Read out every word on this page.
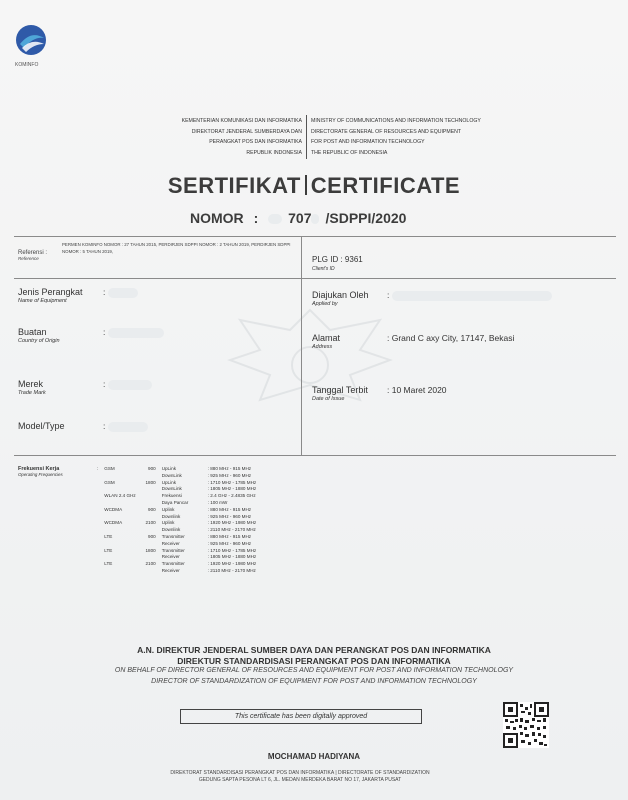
KOMINFO
KEMENTERIAN KOMUNIKASI DAN INFORMATIKA
DIREKTORAT JENDERAL SUMBERDAYA DAN
PERANGKAT POS DAN INFORMATIKA
REPUBLIK INDONESIA
MINISTRY OF COMMUNICATIONS AND INFORMATION TECHNOLOGY
DIRECTORATE GENERAL OF RESOURCES AND EQUIPMENT
FOR POST AND INFORMATION TECHNOLOGY
THE REPUBLIC OF INDONESIA
SERTIFIKAT CERTIFICATE
NOMOR : 707 /SDPPI/2020
Referensi :
Reference
PERMEN KOMINFO NOMOR : 27 TAHUN 2015, PERDIRJEN SDPPI NOMOR : 2 TAHUN 2019, PERDIRJEN SDPPI NOMOR : 5 TAHUN 2019,
PLG ID : 9361
Client's ID
Jenis Perangkat
Name of Equipment
:
Buatan
Country of Origin
:
Merek
Trade Mark
:
Model/Type	:
Diajukan Oleh
Applied by
:
Alamat
Address
: Grand C axy City, 17147, Bekasi
Tanggal Terbit
Date of Issue
: 10 Maret 2020
Frekuensi Kerja
Operating Frequencies
:	GSM	900	UpLink	: 880 MHz - 915 MHz
			DownLink	: 925 MHz - 960 MHz
	GSM	1800	UpLink	: 1710 MHz - 1785 MHz
			DownLink	: 1805 MHz - 1880 MHz
	WLAN 2.4 GHz		Frekuensi	: 2.4 GHz - 2.4835 GHz
			Daya Pancar	: 100 mW
	WCDMA	900	Uplink	: 880 MHz - 915 MHz
			Downlink	: 925 MHz - 960 MHz
	WCDMA	2100	Uplink	: 1920 MHz - 1980 MHz
			Downlink	: 2110 MHz - 2170 MHz
	LTE	900	Transmitter	: 880 MHz - 915 MHz
			Receiver	: 925 MHz - 960 MHz
	LTE	1800	Transmitter	: 1710 MHz - 1785 MHz
			Receiver	: 1805 MHz - 1880 MHz
	LTE	2100	Transmitter	: 1920 MHz - 1980 MHz
			Receiver	: 2110 MHz - 2170 MHz
A.N. DIREKTUR JENDERAL SUMBER DAYA DAN PERANGKAT POS DAN INFORMATIKA
DIREKTUR STANDARDISASI PERANGKAT POS DAN INFORMATIKA
ON BEHALF OF DIRECTOR GENERAL OF RESOURCES AND EQUIPMENT FOR POST AND INFORMATION TECHNOLOGY
DIRECTOR OF STANDARDIZATION OF EQUIPMENT FOR POST AND INFORMATION TECHNOLOGY
This certificate has been digitally approved
MOCHAMAD HADIYANA
DIREKTORAT STANDARDISASI PERANGKAT POS DAN INFORMATIKA | DIRECTORATE OF STANDARDIZATION
GEDUNG SAPTA PESONA LT 6, JL. MEDAN MERDEKA BARAT NO 17, JAKARTA PUSAT
